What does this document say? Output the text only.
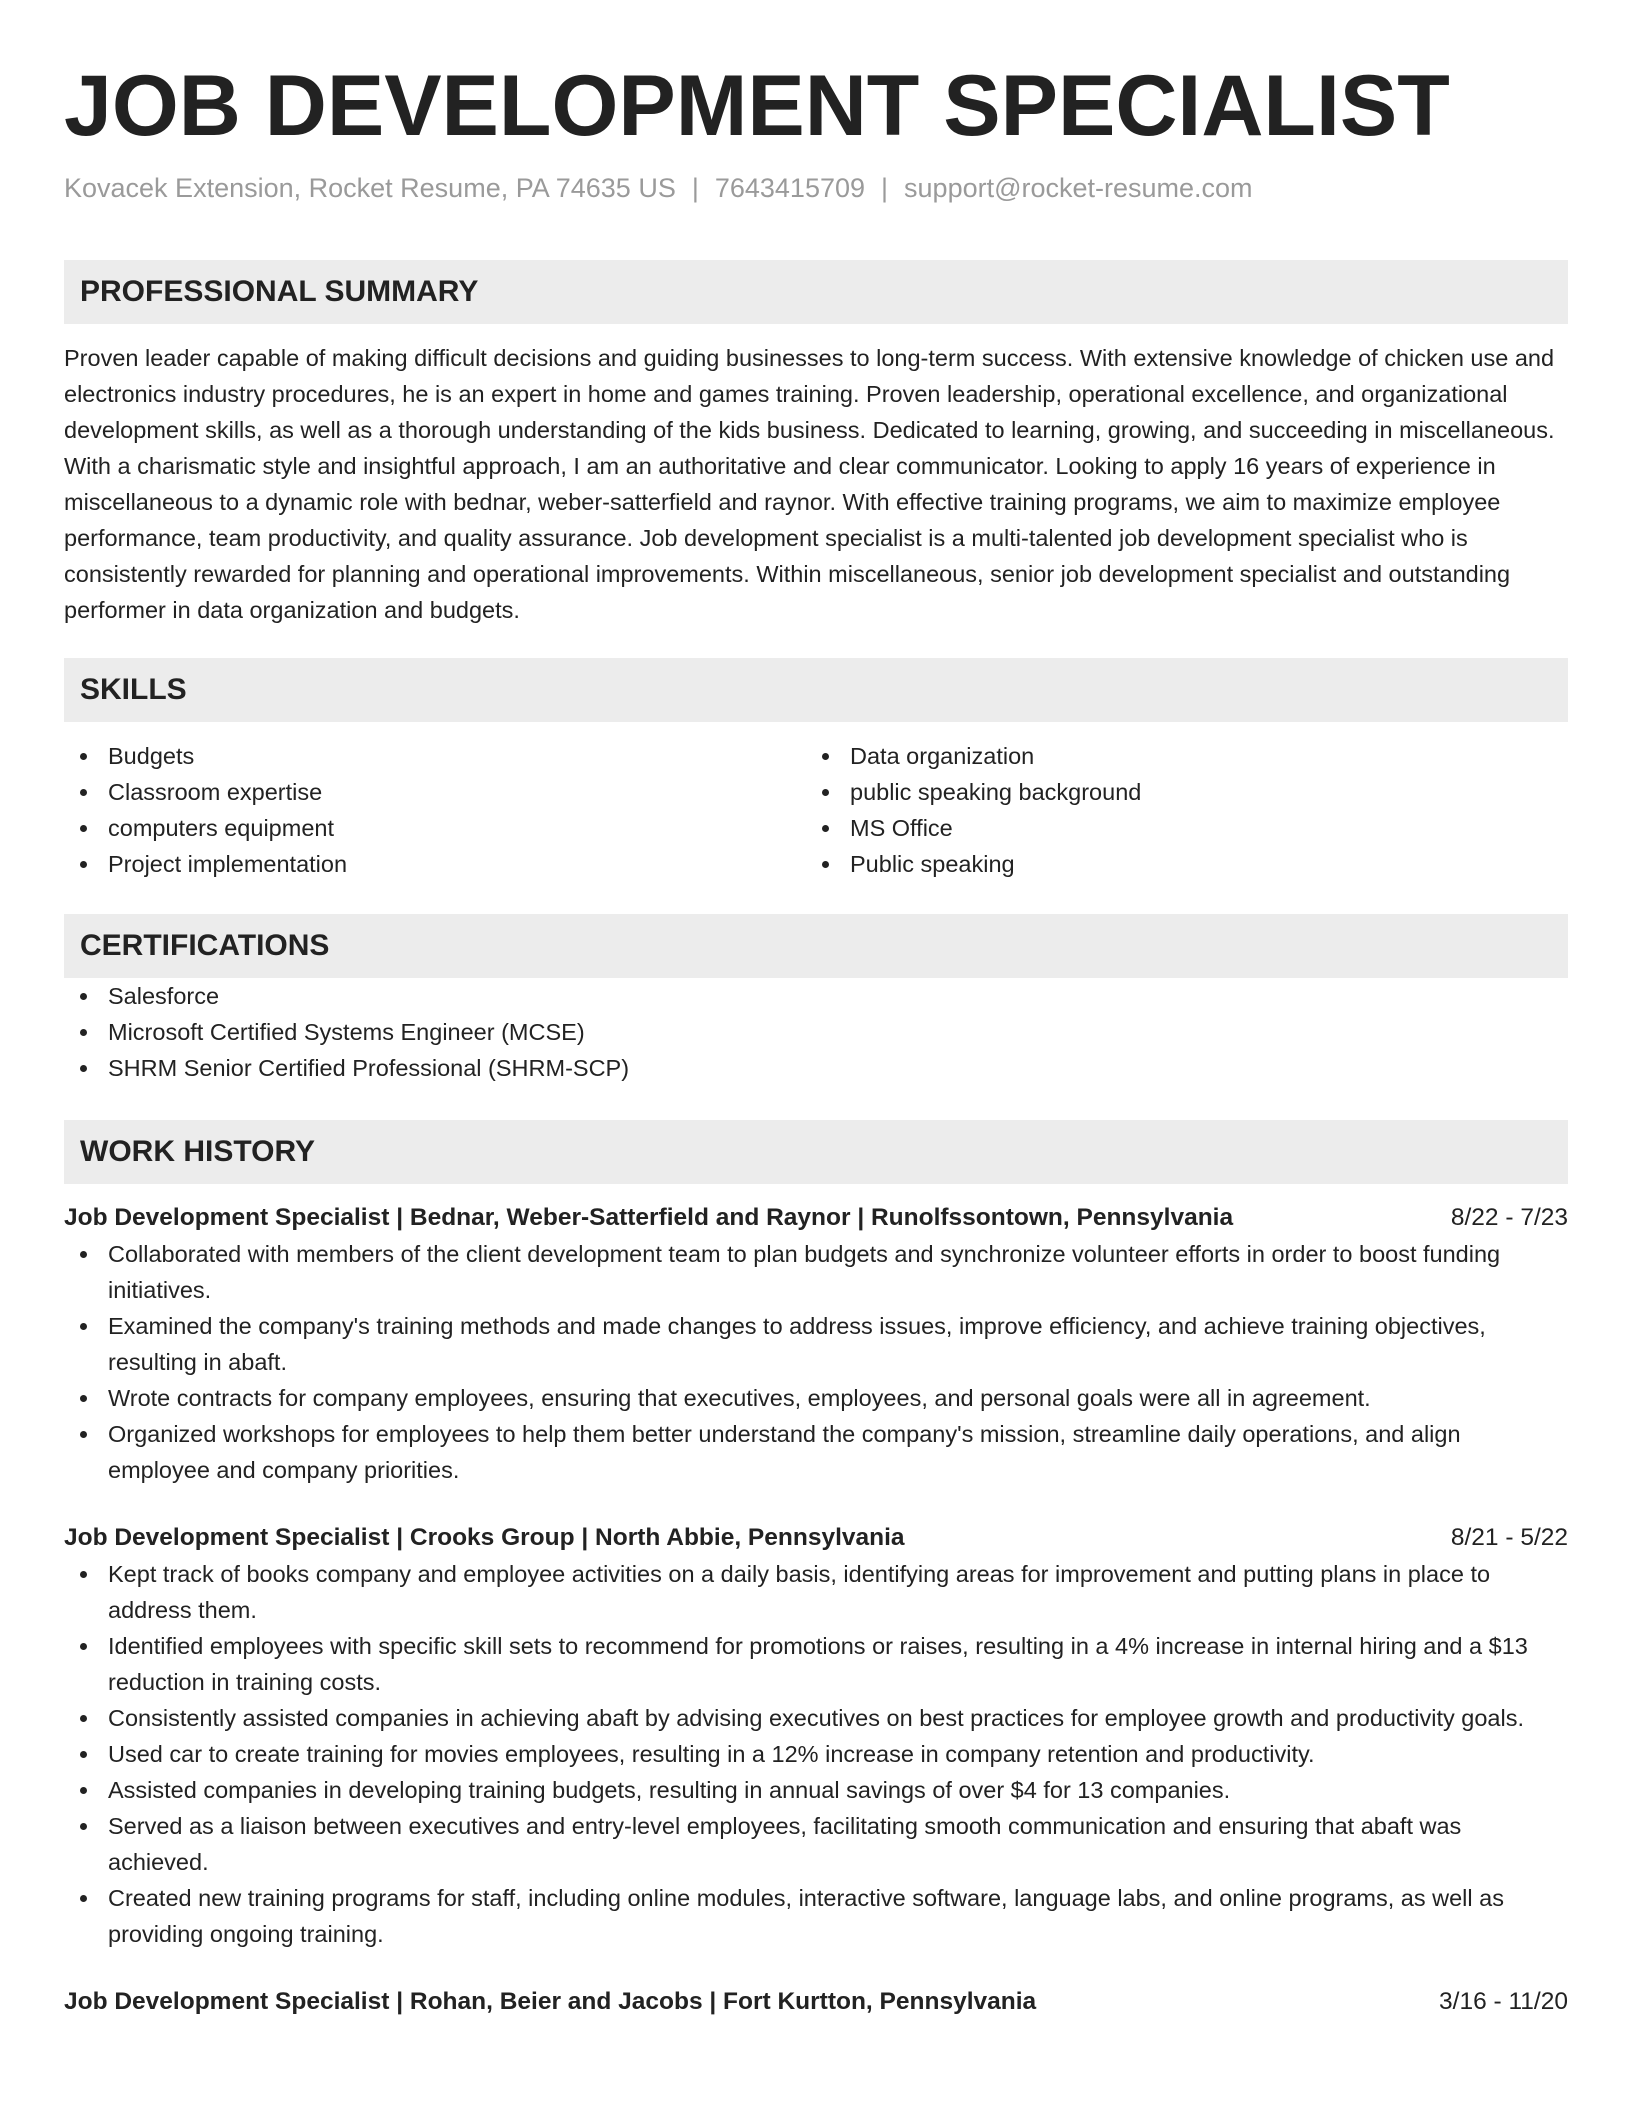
JOB DEVELOPMENT SPECIALIST
Kovacek Extension, Rocket Resume, PA 74635 US | 7643415709 | support@rocket-resume.com
PROFESSIONAL SUMMARY

Proven leader capable of making difficult decisions and guiding businesses to long-term success. With extensive knowledge of chicken use and electronics industry procedures, he is an expert in home and games training. Proven leadership, operational excellence, and organizational development skills, as well as a thorough understanding of the kids business. Dedicated to learning, growing, and succeeding in miscellaneous. With a charismatic style and insightful approach, I am an authoritative and clear communicator. Looking to apply 16 years of experience in miscellaneous to a dynamic role with bednar, weber-satterfield and raynor. With effective training programs, we aim to maximize employee performance, team productivity, and quality assurance. Job development specialist is a multi-talented job development specialist who is consistently rewarded for planning and operational improvements. Within miscellaneous, senior job development specialist and outstanding performer in data organization and budgets.

SKILLS
Budgets
Classroom expertise
computers equipment
Project implementation
Data organization
public speaking background
MS Office
Public speaking
CERTIFICATIONS
Salesforce
Microsoft Certified Systems Engineer (MCSE)
SHRM Senior Certified Professional (SHRM-SCP)
WORK HISTORY
Job Development Specialist | Bednar, Weber-Satterfield and Raynor | Runolfssontown, Pennsylvania	8/22 - 7/23
Collaborated with members of the client development team to plan budgets and synchronize volunteer efforts in order to boost funding initiatives.
Examined the company's training methods and made changes to address issues, improve efficiency, and achieve training objectives, resulting in abaft.
Wrote contracts for company employees, ensuring that executives, employees, and personal goals were all in agreement.
Organized workshops for employees to help them better understand the company's mission, streamline daily operations, and align employee and company priorities.
Job Development Specialist | Crooks Group | North Abbie, Pennsylvania	8/21 - 5/22
Kept track of books company and employee activities on a daily basis, identifying areas for improvement and putting plans in place to address them.
Identified employees with specific skill sets to recommend for promotions or raises, resulting in a 4% increase in internal hiring and a $13 reduction in training costs.
Consistently assisted companies in achieving abaft by advising executives on best practices for employee growth and productivity goals.
Used car to create training for movies employees, resulting in a 12% increase in company retention and productivity.
Assisted companies in developing training budgets, resulting in annual savings of over $4 for 13 companies.
Served as a liaison between executives and entry-level employees, facilitating smooth communication and ensuring that abaft was achieved.
Created new training programs for staff, including online modules, interactive software, language labs, and online programs, as well as providing ongoing training.
Job Development Specialist | Rohan, Beier and Jacobs | Fort Kurtton, Pennsylvania	3/16 - 11/20
